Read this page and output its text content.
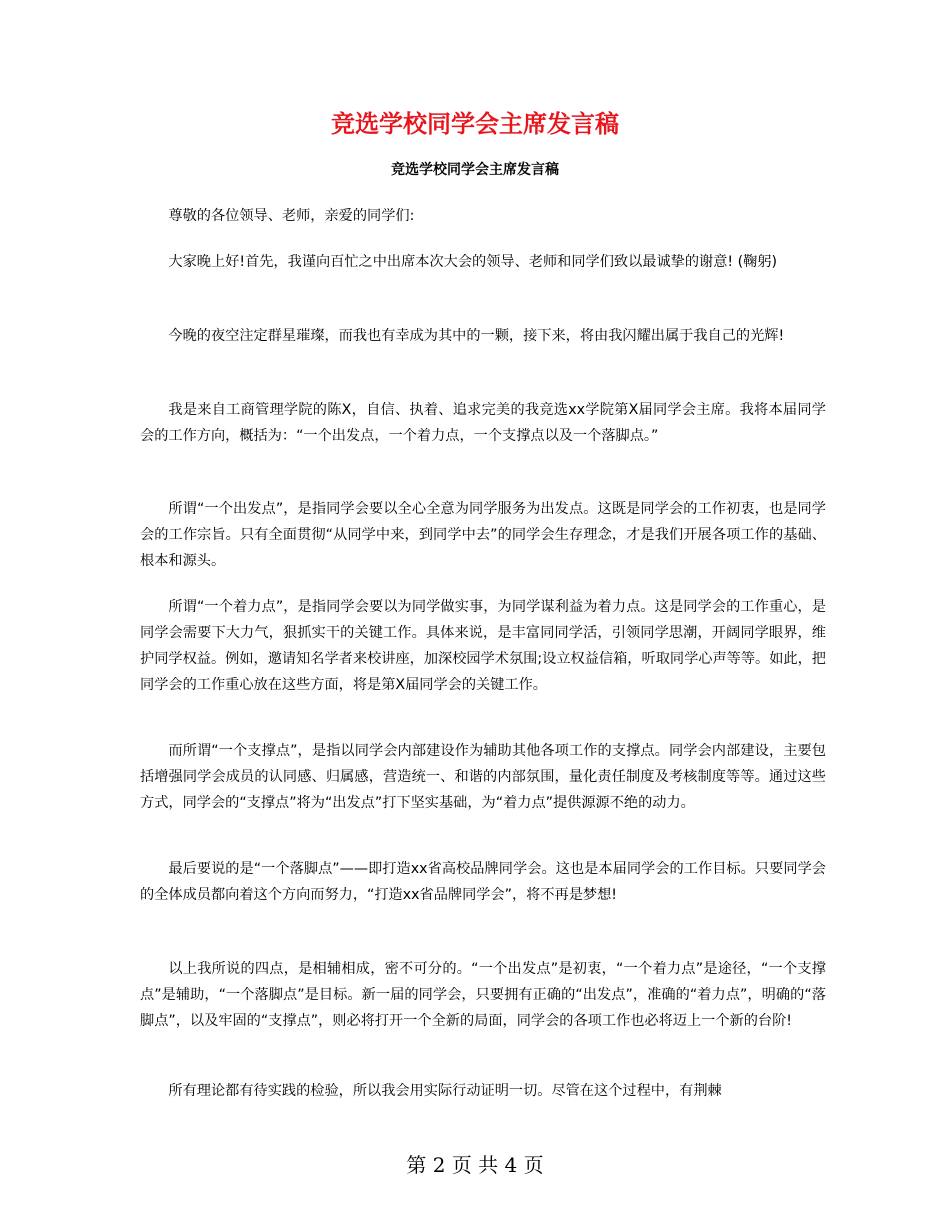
竞选学校同学会主席发言稿
竞选学校同学会主席发言稿

尊敬的各位领导、老师，亲爱的同学们:

大家晚上好!首先，我谨向百忙之中出席本次大会的领导、老师和同学们致以最诚挚的谢意! (鞠躬)

今晚的夜空注定群星璀璨，而我也有幸成为其中的一颗，接下来，将由我闪耀出属于我自己的光辉!

我是来自工商管理学院的陈X，自信、执着、追求完美的我竞选xx学院第X届同学会主席。我将本届同学会的工作方向，概括为：“一个出发点，一个着力点，一个支撑点以及一个落脚点。”

所谓“一个出发点”，是指同学会要以全心全意为同学服务为出发点。这既是同学会的工作初衷，也是同学会的工作宗旨。只有全面贯彻“从同学中来，到同学中去”的同学会生存理念，才是我们开展各项工作的基础、根本和源头。

所谓“一个着力点”，是指同学会要以为同学做实事，为同学谋利益为着力点。这是同学会的工作重心，是同学会需要下大力气，狠抓实干的关键工作。具体来说，是丰富同同学活，引领同学思潮，开阔同学眼界，维护同学权益。例如，邀请知名学者来校讲座，加深校园学术氛围;设立权益信箱，听取同学心声等等。如此，把同学会的工作重心放在这些方面，将是第X届同学会的关键工作。

而所谓“一个支撑点”，是指以同学会内部建设作为辅助其他各项工作的支撑点。同学会内部建设，主要包括增强同学会成员的认同感、归属感，营造统一、和谐的内部氛围，量化责任制度及考核制度等等。通过这些方式，同学会的“支撑点”将为“出发点”打下坚实基础，为“着力点”提供源源不绝的动力。

最后要说的是“一个落脚点”——即打造xx省高校品牌同学会。这也是本届同学会的工作目标。只要同学会的全体成员都向着这个方向而努力，“打造xx省品牌同学会”，将不再是梦想!

以上我所说的四点，是相辅相成，密不可分的。“一个出发点”是初衷，“一个着力点”是途径，“一个支撑点”是辅助，“一个落脚点”是目标。新一届的同学会，只要拥有正确的“出发点”，准确的“着力点”，明确的“落脚点”，以及牢固的“支撑点”，则必将打开一个全新的局面，同学会的各项工作也必将迈上一个新的台阶!

所有理论都有待实践的检验，所以我会用实际行动证明一切。尽管在这个过程中，有荆棘

第 2 页 共 4 页
